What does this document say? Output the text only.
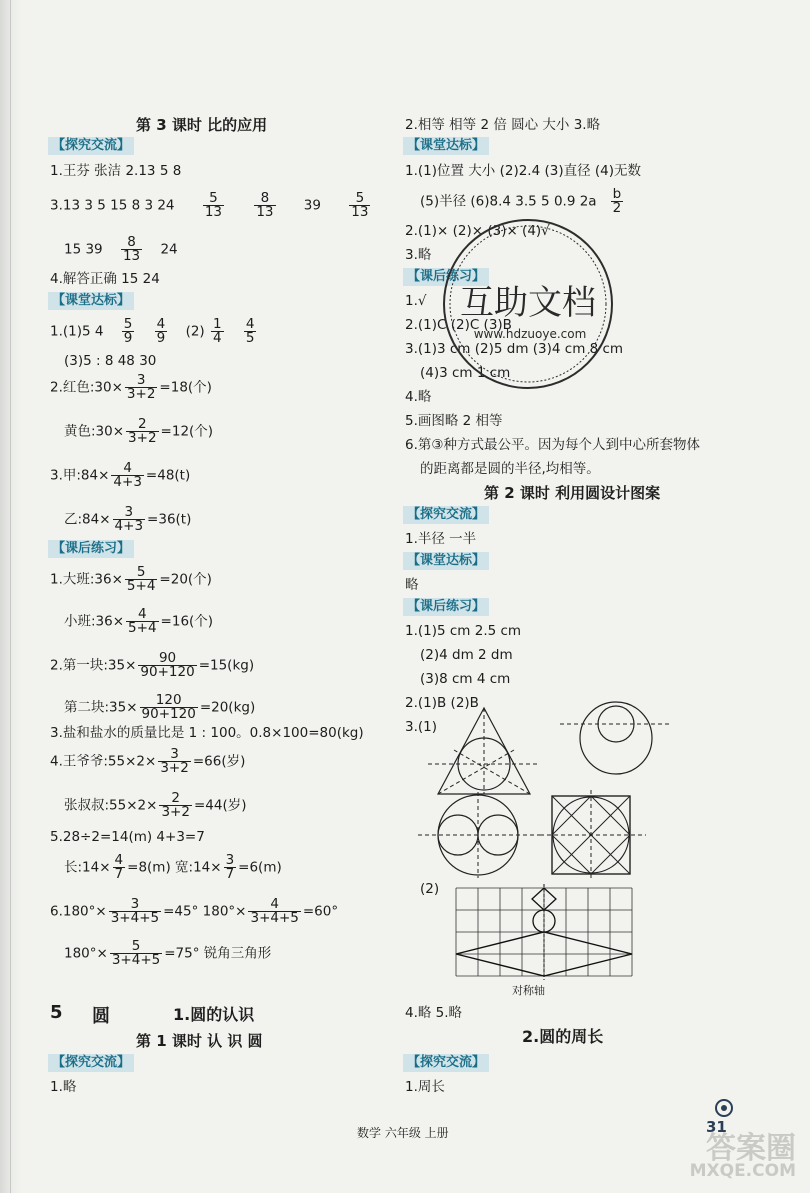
第 3 课时 比的应用
【探究交流】
1.王芬 张洁 2.13 5 8
3.13 3 5 15 8 3 $24 \frac{5}{13}$
$\frac{8}{13} 39 \frac{5}{13}$
15 $39 \frac{8}{13} 24$
4.解答正确 15 24
【课堂达标】
1.(1)5 $4 \frac{5}{9}$
$\frac{4}{9} (2) \frac{1}{4}$
$\frac{4}{5}$
(3)5 : 8 48 30
2.红色:30× $\frac{3}{3+2} =18$(个)
黄色:30× $\frac{2}{3+2} =12$(个)
3.甲:84× $\frac{4}{4+3} =48(t)$
乙:84× $\frac{3}{4+3} =36(t)$
【课后练习】
1.大班:36× $\frac{5}{5+4} =20$(个)
小班:36× $\frac{4}{5+4} =16$(个)
2.第一块:35× $\frac{90}{90+120} =15(kg)$
第二块:35× $\frac{120}{90+120} =20(kg)$
3.盐和盐水的质量比是 1 : 100。0.8×100=80(kg)
4.王爷爷:55×2× $\frac{3}{3+2} =66$(岁)
张叔叔:55×2× $\frac{2}{3+2} =44$(岁)
5.28÷2=14(m) 4+3=7
长:14× $\frac{4}{7} =8(m)$ 宽:14× $\frac{3}{7} =6(m)$
$6.180^\circ\times \frac{3}{3+4+5} =45^\circ$ $180^\circ\times \frac{4}{3+4+5} =60^\circ$
$180^\circ\times \frac{5}{3+4+5} =75^\circ$ 锐角三角形
5 圆	1.圆的认识
第 1 课时 认 识 圆
【探究交流】
1.略
2.相等 相等 2 倍 圆心 大小 3.略
【课堂达标】
1.(1)位置 大小 (2)2.4 (3)直径 (4)无数
(5)半径 (6)8.4 3.5 5 0.9 $2a \frac{b}{2}$
2.(1)× (2)× (3)× (4)√
3.略
【课后练习】
1.√
2.(1)C (2)C (3)B
3.(1)3 cm (2)5 dm (3)4 cm 8 cm
(4)3 cm 1 cm
4.略
5.画图略 2 相等
6.第③种方式最公平。因为每个人到中心所套物体
的距离都是圆的半径,均相等。
第 2 课时 利用圆设计图案
【探究交流】
1.半径 一半
【课堂达标】
略
【课后练习】
1.(1)5 cm 2.5 cm
(2)4 dm 2 dm
(3)8 cm 4 cm
2.(1)B (2)B
3.(1)
(2)
对称轴
4.略 5.略
2.圆的周长
【探究交流】
1.周长
互助文档
www.hdzuoye.com
数学 六年级 上册	31
答案圈
MXQE.COM
